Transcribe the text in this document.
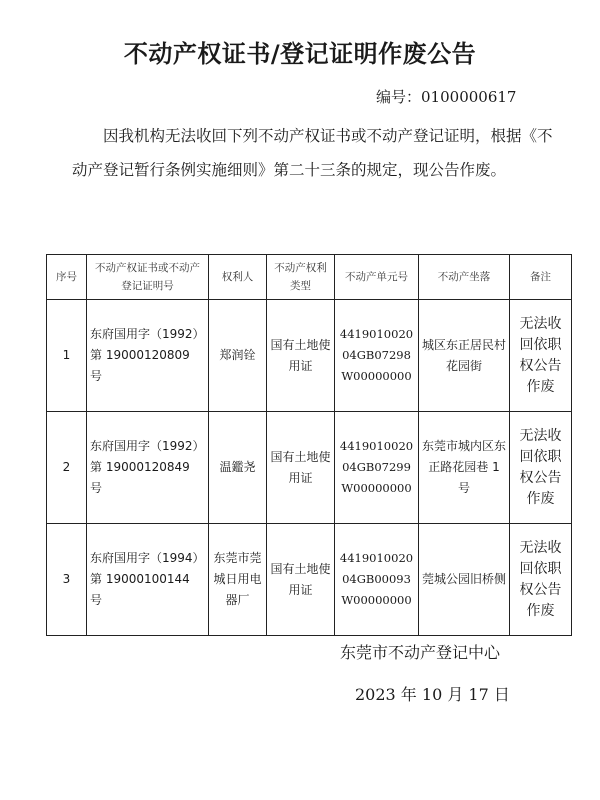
不动产权证书/登记证明作废公告
编号：0100000617

因我机构无法收回下列不动产权证书或不动产登记证明，根据《不动产登记暂行条例实施细则》第二十三条的规定，现公告作废。

序号	不动产权证书或不动产登记证明号	权利人	不动产权利类型	不动产单元号	不动产坐落	备注
1	东府国用字（1992）第 19000120809 号	郑润铨	国有土地使用证	441901002004GB07298W00000000	城区东正居民村花园街	无法收回依职权公告作废
2	东府国用字（1992）第 19000120849 号	温鑑尧	国有土地使用证	441901002004GB07299W00000000	东莞市城内区东正路花园巷 1 号	无法收回依职权公告作废
3	东府国用字（1994）第 19000100144 号	东莞市莞城日用电器厂	国有土地使用证	441901002004GB00093W00000000	莞城公园旧桥侧	无法收回依职权公告作废
东莞市不动产登记中心
2023 年 10 月 17 日
